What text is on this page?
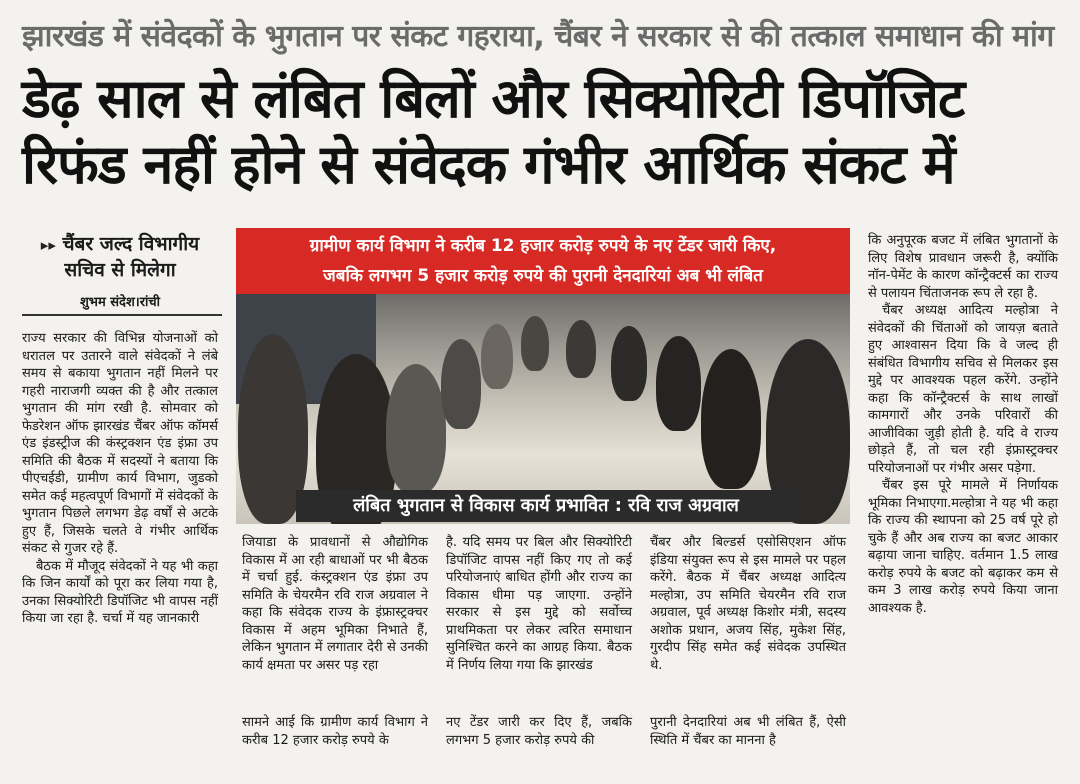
झारखंड में संवेदकों के भुगतान पर संकट गहराया, चैंबर ने सरकार से की तत्काल समाधान की मांग
डेढ़ साल से लंबित बिलों और सिक्योरिटी डिपॉजिट
रिफंड नहीं होने से संवेदक गंभीर आर्थिक संकट में
▸▸ चैंबर जल्द विभागीय सचिव से मिलेगा
शुभम संदेश।रांची
राज्य सरकार की विभिन्न योजनाओं को धरातल पर उतारने वाले संवेदकों ने लंबे समय से बकाया भुगतान नहीं मिलने पर गहरी नाराजगी व्यक्त की है और तत्काल भुगतान की मांग रखी है. सोमवार को फेडरेशन ऑफ झारखंड चैंबर ऑफ कॉमर्स एंड इंडस्ट्रीज की कंस्ट्रक्शन एंड इंफ्रा उप समिति की बैठक में सदस्यों ने बताया कि पीएचईडी, ग्रामीण कार्य विभाग, जुडको समेत कई महत्वपूर्ण विभागों में संवेदकों के भुगतान पिछले लगभग डेढ़ वर्षों से अटके हुए हैं, जिसके चलते वे गंभीर आर्थिक संकट से गुजर रहे हैं.
बैठक में मौजूद संवेदकों ने यह भी कहा कि जिन कार्यों को पूरा कर लिया गया है, उनका सिक्योरिटी डिपॉजिट भी वापस नहीं किया जा रहा है. चर्चा में यह जानकारी
ग्रामीण कार्य विभाग ने करीब 12 हजार करोड़ रुपये के नए टेंडर जारी किए,
जबकि लगभग 5 हजार करोड़ रुपये की पुरानी देनदारियां अब भी लंबित
लंबित भुगतान से विकास कार्य प्रभावित : रवि राज अग्रवाल
जियाडा के प्रावधानों से औद्योगिक विकास में आ रही बाधाओं पर भी बैठक में चर्चा हुई. कंस्ट्रक्शन एंड इंफ्रा उप समिति के चेयरमैन रवि राज अग्रवाल ने कहा कि संवेदक राज्य के इंफ्रास्ट्रक्चर विकास में अहम भूमिका निभाते हैं, लेकिन भुगतान में लगातार देरी से उनकी कार्य क्षमता पर असर पड़ रहा
सामने आई कि ग्रामीण कार्य विभाग ने करीब 12 हजार करोड़ रुपये के
है. यदि समय पर बिल और सिक्योरिटी डिपॉजिट वापस नहीं किए गए तो कई परियोजनाएं बाधित होंगी और राज्य का विकास धीमा पड़ जाएगा. उन्होंने सरकार से इस मुद्दे को सर्वोच्च प्राथमिकता पर लेकर त्वरित समाधान सुनिश्चित करने का आग्रह किया. बैठक में निर्णय लिया गया कि झारखंड
नए टेंडर जारी कर दिए हैं, जबकि लगभग 5 हजार करोड़ रुपये की
चैंबर और बिल्डर्स एसोसिएशन ऑफ इंडिया संयुक्त रूप से इस मामले पर पहल करेंगे. बैठक में चैंबर अध्यक्ष आदित्य मल्होत्रा, उप समिति चेयरमैन रवि राज अग्रवाल, पूर्व अध्यक्ष किशोर मंत्री, सदस्य अशोक प्रधान, अजय सिंह, मुकेश सिंह, गुरदीप सिंह समेत कई संवेदक उपस्थित थे.
पुरानी देनदारियां अब भी लंबित हैं, ऐसी स्थिति में चैंबर का मानना है
कि अनुपूरक बजट में लंबित भुगतानों के लिए विशेष प्रावधान जरूरी है, क्योंकि नॉन-पेमेंट के कारण कॉन्ट्रैक्टर्स का राज्य से पलायन चिंताजनक रूप ले रहा है.
चैंबर अध्यक्ष आदित्य मल्होत्रा ने संवेदकों की चिंताओं को जायज़ बताते हुए आश्वासन दिया कि वे जल्द ही संबंधित विभागीय सचिव से मिलकर इस मुद्दे पर आवश्यक पहल करेंगे. उन्होंने कहा कि कॉन्ट्रैक्टर्स के साथ लाखों कामगारों और उनके परिवारों की आजीविका जुड़ी होती है. यदि वे राज्य छोड़ते हैं, तो चल रही इंफ्रास्ट्रक्चर परियोजनाओं पर गंभीर असर पड़ेगा.
चैंबर इस पूरे मामले में निर्णायक भूमिका निभाएगा.मल्होत्रा ने यह भी कहा कि राज्य की स्थापना को 25 वर्ष पूरे हो चुके हैं और अब राज्य का बजट आकार बढ़ाया जाना चाहिए. वर्तमान 1.5 लाख करोड़ रुपये के बजट को बढ़ाकर कम से कम 3 लाख करोड़ रुपये किया जाना आवश्यक है.
